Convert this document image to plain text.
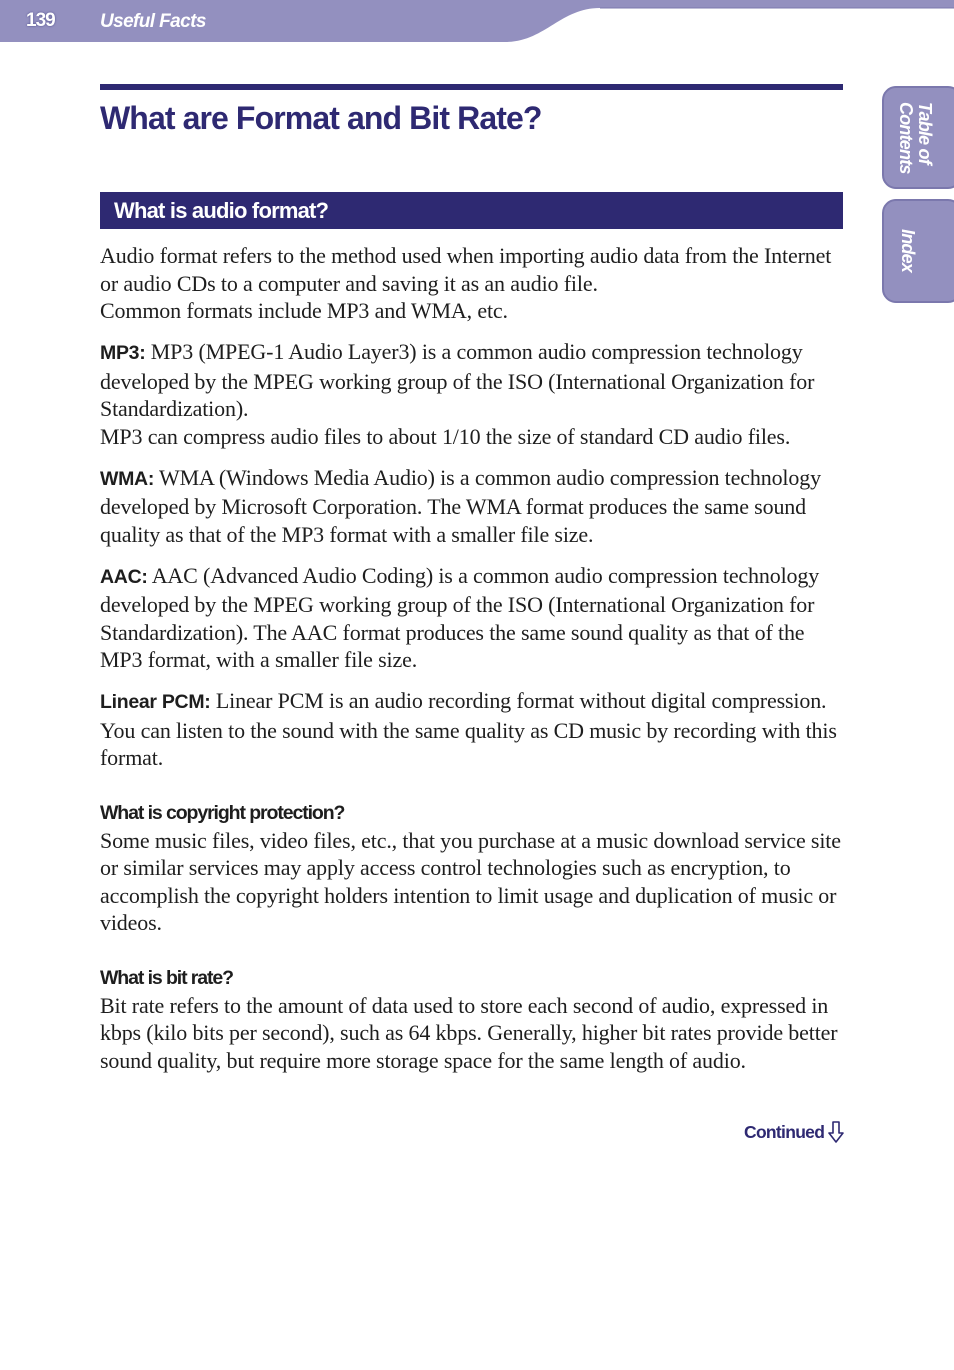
139 Useful Facts
Table of
Contents
Index
What are Format and Bit Rate?
What is audio format?

Audio format refers to the method used when importing audio data from the Internet or audio CDs to a computer and saving it as an audio file.

Common formats include MP3 and WMA, etc.

MP3: MP3 (MPEG-1 Audio Layer3) is a common audio compression technology developed by the MPEG working group of the ISO (International Organization for Standardization).
MP3 can compress audio files to about 1/10 the size of standard CD audio files.
WMA: WMA (Windows Media Audio) is a common audio compression technology developed by Microsoft Corporation. The WMA format produces the same sound quality as that of the MP3 format with a smaller file size.
AAC: AAC (Advanced Audio Coding) is a common audio compression technology developed by the MPEG working group of the ISO (International Organization for Standardization). The AAC format produces the same sound quality as that of the MP3 format, with a smaller file size.
Linear PCM: Linear PCM is an audio recording format without digital compression. You can listen to the sound with the same quality as CD music by recording with this format.
What is copyright protection?
Some music files, video files, etc., that you purchase at a music download service site or similar services may apply access control technologies such as encryption, to accomplish the copyright holders intention to limit usage and duplication of music or videos.
What is bit rate?
Bit rate refers to the amount of data used to store each second of audio, expressed in kbps (kilo bits per second), such as 64 kbps. Generally, higher bit rates provide better sound quality, but require more storage space for the same length of audio.
Continued
